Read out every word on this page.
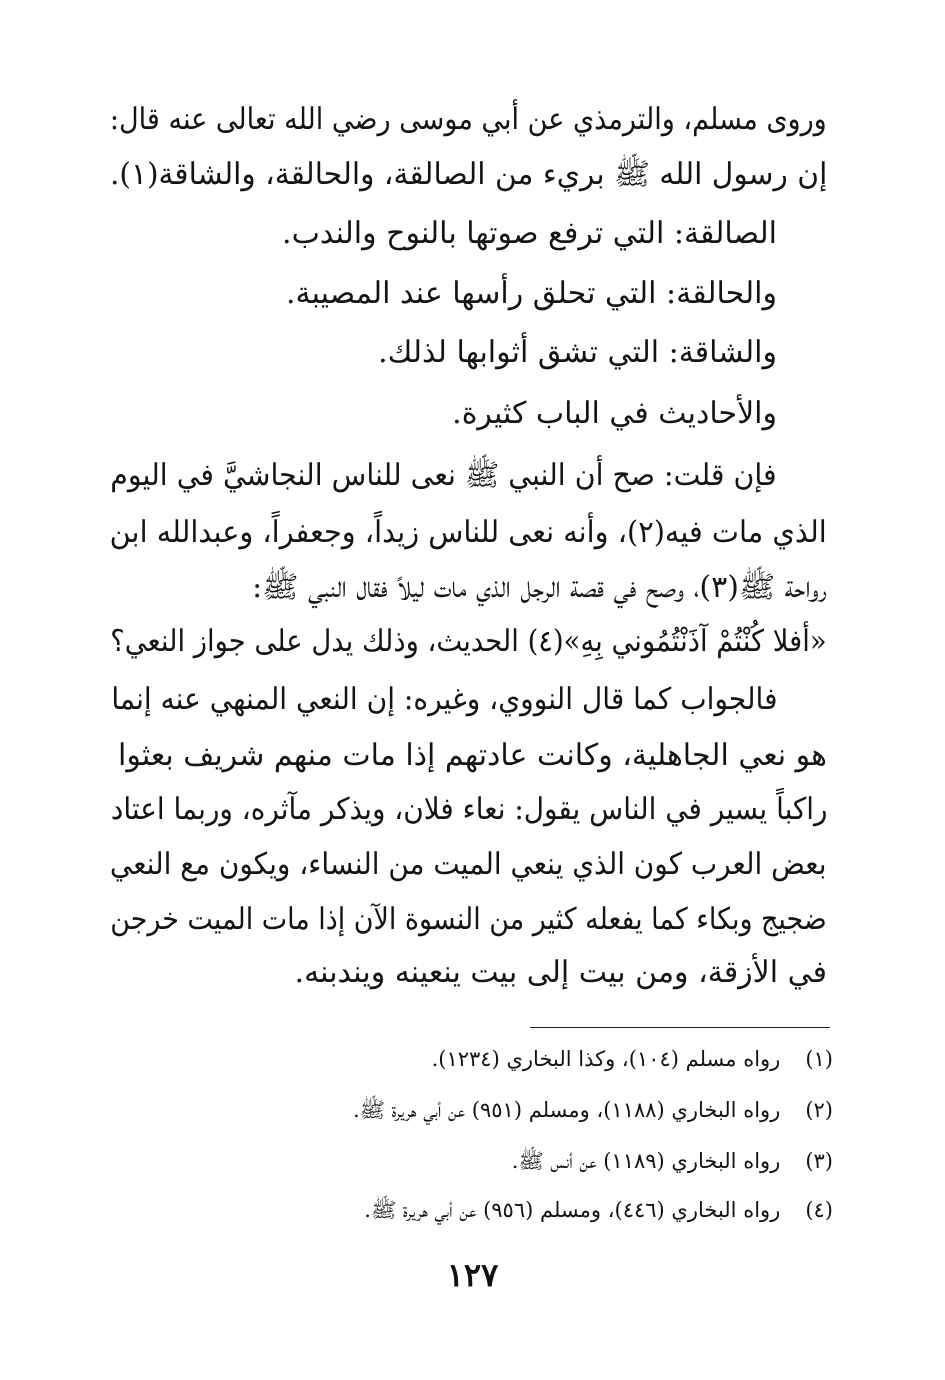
وروى مسلم، والترمذي عن أبي موسى رضي الله تعالى عنه قال:
إن رسول الله ﷺ بريء من الصالقة، والحالقة، والشاقة(١).
الصالقة: التي ترفع صوتها بالنوح والندب.
والحالقة: التي تحلق رأسها عند المصيبة.
والشاقة: التي تشق أثوابها لذلك.
والأحاديث في الباب كثيرة.
فإن قلت: صح أن النبي ﷺ نعى للناس النجاشيَّ في اليوم
الذي مات فيه(٢)، وأنه نعى للناس زيداً، وجعفراً، وعبدالله ابن
رواحة ﷺ(٣)، وصح في قصة الرجل الذي مات ليلاً فقال النبي ﷺ:
«أفلا كُنْتُمْ آذَنْتُمُوني بِهِ»(٤) الحديث، وذلك يدل على جواز النعي؟
فالجواب كما قال النووي، وغيره: إن النعي المنهي عنه إنما
هو نعي الجاهلية، وكانت عادتهم إذا مات منهم شريف بعثوا
راكباً يسير في الناس يقول: نعاء فلان، ويذكر مآثره، وربما اعتاد
بعض العرب كون الذي ينعي الميت من النساء، ويكون مع النعي
ضجيج وبكاء كما يفعله كثير من النسوة الآن إذا مات الميت خرجن
في الأزقة، ومن بيت إلى بيت ينعينه ويندبنه.
(١) رواه مسلم (١٠٤)، وكذا البخاري (١٢٣٤).
(٢) رواه البخاري (١١٨٨)، ومسلم (٩٥١) عن أبي هريرة ﷺ.
(٣) رواه البخاري (١١٨٩) عن أنس ﷺ.
(٤) رواه البخاري (٤٤٦)، ومسلم (٩٥٦) عن أبي هريرة ﷺ.
١٢٧
